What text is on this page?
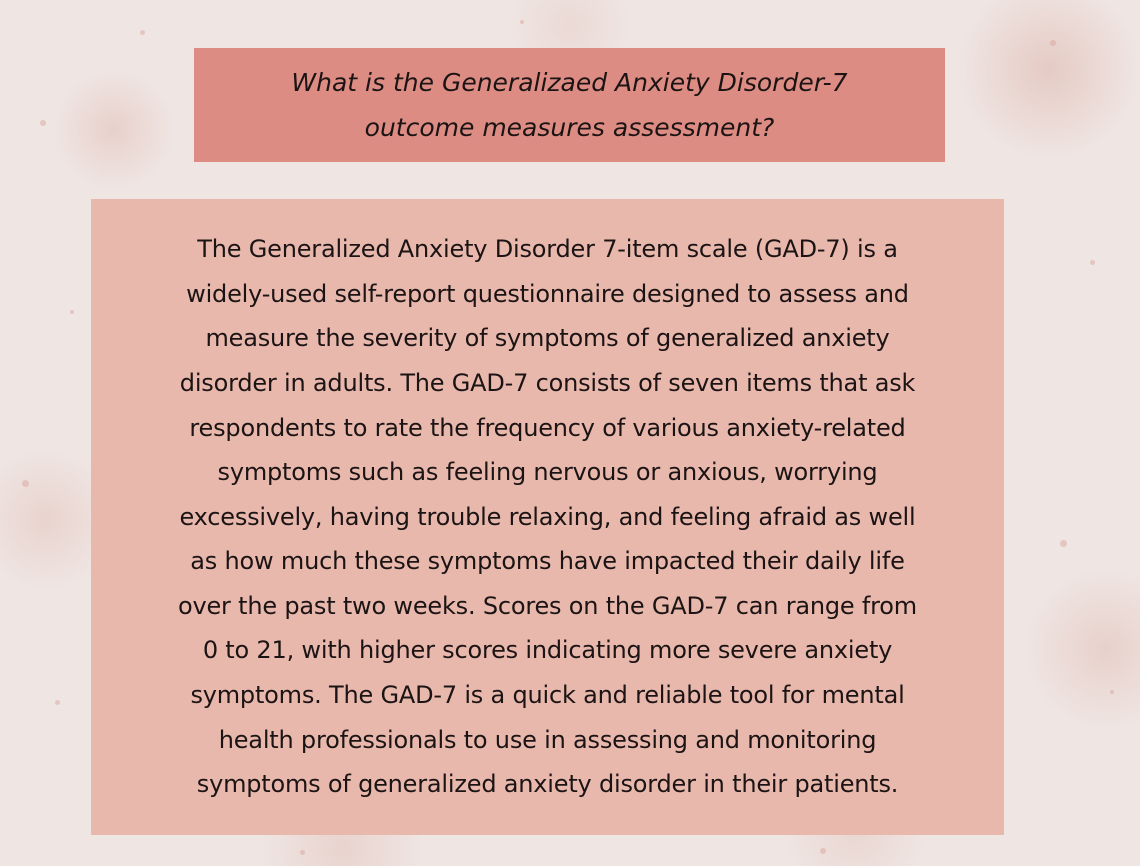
What is the Generalizaed Anxiety Disorder-7
outcome measures assessment?

The Generalized Anxiety Disorder 7-item scale (GAD-7) is a
widely-used self-report questionnaire designed to assess and
measure the severity of symptoms of generalized anxiety
disorder in adults. The GAD-7 consists of seven items that ask
respondents to rate the frequency of various anxiety-related
symptoms such as feeling nervous or anxious, worrying
excessively, having trouble relaxing, and feeling afraid as well
as how much these symptoms have impacted their daily life
over the past two weeks. Scores on the GAD-7 can range from
0 to 21, with higher scores indicating more severe anxiety
symptoms. The GAD-7 is a quick and reliable tool for mental
health professionals to use in assessing and monitoring
symptoms of generalized anxiety disorder in their patients.
